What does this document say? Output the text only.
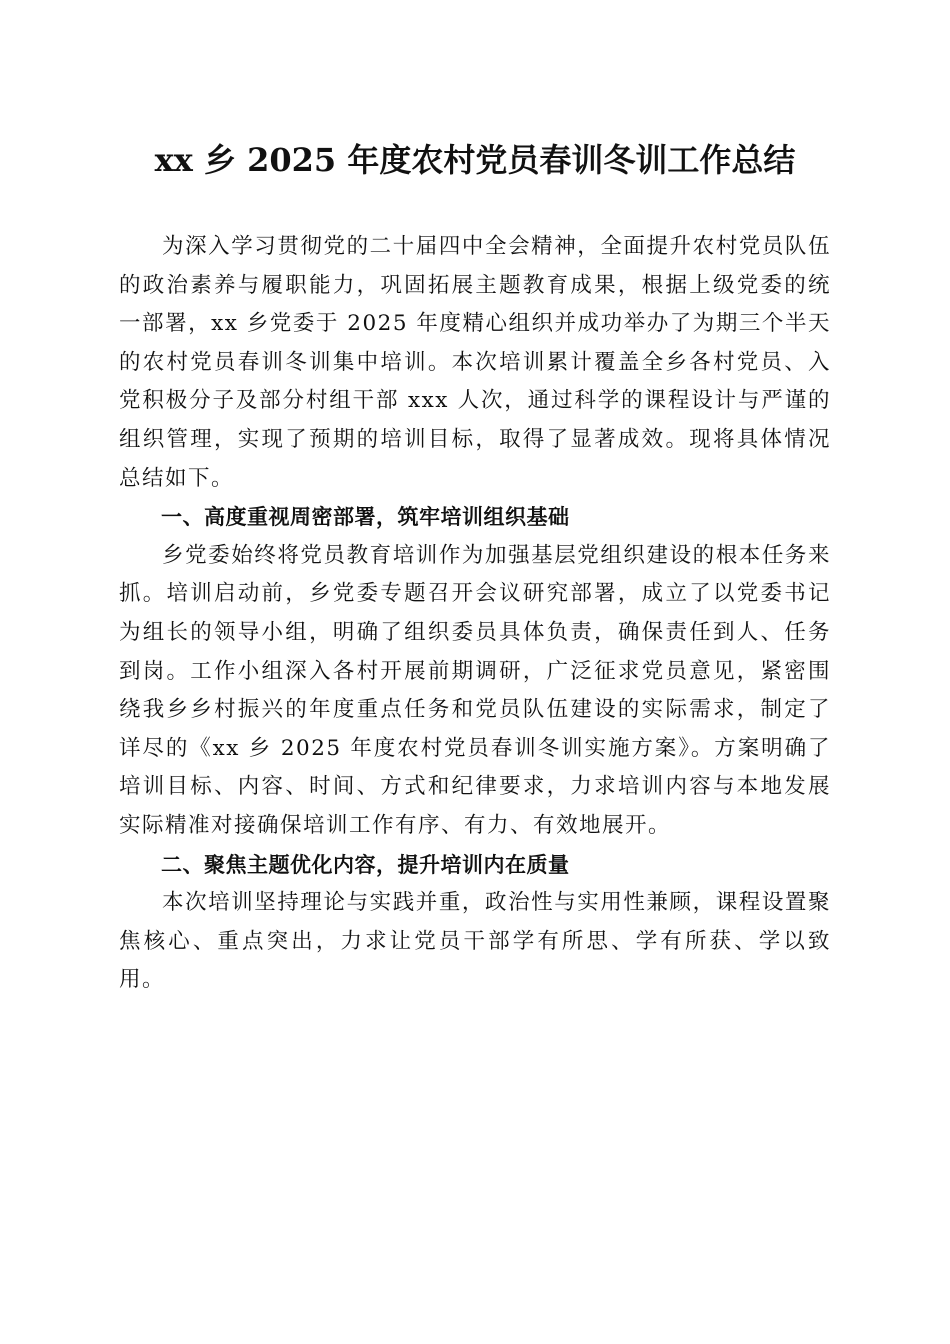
xx 乡 2025 年度农村党员春训冬训工作总结

为深入学习贯彻党的二十届四中全会精神，全面提升农村党员队伍的政治素养与履职能力，巩固拓展主题教育成果，根据上级党委的统一部署，xx 乡党委于 2025 年度精心组织并成功举办了为期三个半天的农村党员春训冬训集中培训。本次培训累计覆盖全乡各村党员、入党积极分子及部分村组干部 xxx 人次，通过科学的课程设计与严谨的组织管理，实现了预期的培训目标，取得了显著成效。现将具体情况总结如下。

一、高度重视周密部署，筑牢培训组织基础

乡党委始终将党员教育培训作为加强基层党组织建设的根本任务来抓。培训启动前，乡党委专题召开会议研究部署，成立了以党委书记为组长的领导小组，明确了组织委员具体负责，确保责任到人、任务到岗。工作小组深入各村开展前期调研，广泛征求党员意见，紧密围绕我乡乡村振兴的年度重点任务和党员队伍建设的实际需求，制定了详尽的《xx 乡 2025 年度农村党员春训冬训实施方案》。方案明确了培训目标、内容、时间、方式和纪律要求，力求培训内容与本地发展实际精准对接确保培训工作有序、有力、有效地展开。

二、聚焦主题优化内容，提升培训内在质量

本次培训坚持理论与实践并重，政治性与实用性兼顾，课程设置聚焦核心、重点突出，力求让党员干部学有所思、学有所获、学以致用。
